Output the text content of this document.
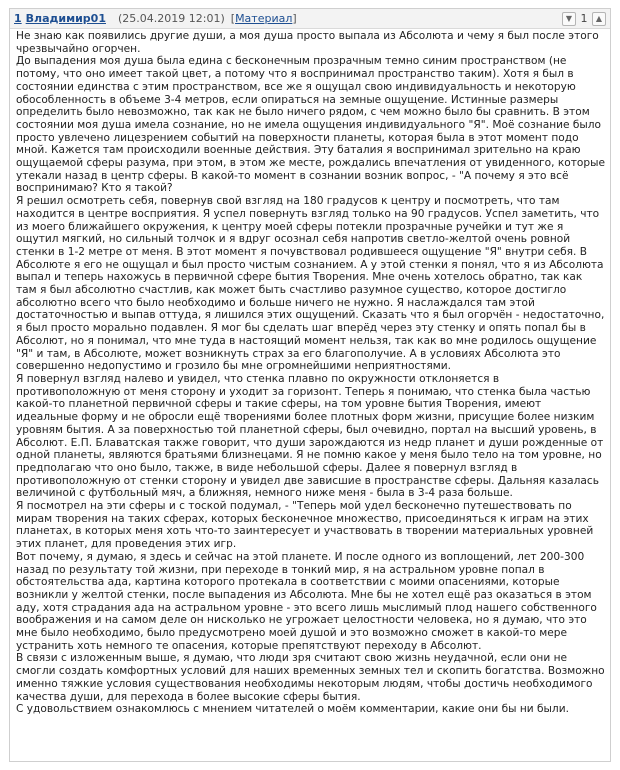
1 Владимир01 (25.04.2019 12:01) [ Материал ]	▼ 1	▲

Не знаю как появились другие души, а моя душа просто выпала из Абсолюта и чему я был после этого чрезвычайно огорчен.

До выпадения моя душа была едина с бесконечным прозрачным темно синим пространством (не потому, что оно имеет такой цвет, а потому что я воспринимал пространство таким). Хотя я был в состоянии единства с этим пространством, все же я ощущал свою индивидуальность и некоторую обособленность в объеме 3-4 метров, если опираться на земные ощущение. Истинные размеры определить было невозможно, так как не было ничего рядом, с чем можно было бы сравнить. В этом состоянии моя душа имела сознание, но не имела ощущения индивидуального "Я". Моё сознание было просто увлечено лицезрением событий на поверхности планеты, которая была в этот момент подо мной. Кажется там происходили военные действия. Эту баталия я воспринимал зрительно на краю ощущаемой сферы разума, при этом, в этом же месте, рождались впечатления от увиденного, которые утекали назад в центр сферы. В какой-то момент в сознании возник вопрос, - "А почему я это всё воспринимаю? Кто я такой?

Я решил осмотреть себя, повернув свой взгляд на 180 градусов к центру и посмотреть, что там находится в центре восприятия. Я успел повернуть взгляд только на 90 градусов. Успел заметить, что из моего ближайшего окружения, к центру моей сферы потекли прозрачные ручейки и тут же я ощутил мягкий, но сильный толчок и я вдруг осознал себя напротив светло-желтой очень ровной стенки в 1-2 метре от меня. В этот момент я почувствовал родившееся ощущение "Я" внутри себя. В Абсолюте я его не ощущал и был просто чистым сознанием. А у этой стенки я понял, что я из Абсолюта выпал и теперь нахожусь в первичной сфере бытия Творения. Мне очень хотелось обратно, так как там я был абсолютно счастлив, как может быть счастливо разумное существо, которое достигло абсолютно всего что было необходимо и больше ничего не нужно. Я наслаждался там этой достаточностью и выпав оттуда, я лишился этих ощущений. Сказать что я был огорчён - недостаточно, я был просто морально подавлен. Я мог бы сделать шаг вперёд через эту стенку и опять попал бы в Абсолют, но я понимал, что мне туда в настоящий момент нельзя, так как во мне родилось ощущение "Я" и там, в Абсолюте, может возникнуть страх за его благополучие. А в условиях Абсолюта это совершенно недопустимо и грозило бы мне огромнейшими неприятностями.

Я повернул взгляд налево и увидел, что стенка плавно по окружности отклоняется в противоположную от меня сторону и уходит за горизонт. Теперь я понимаю, что стенка была частью какой-то планетной первичной сферы и такие сферы, на том уровне бытия Творения, имеют идеальные форму и не обросли ещё творениями более плотных форм жизни, присущие более низким уровням бытия. А за поверхностью той планетной сферы, был очевидно, портал на высший уровень, в Абсолют. Е.П. Блаватская также говорит, что души зарождаются из недр планет и души рожденные от одной планеты, являются братьями близнецами. Я не помню какое у меня было тело на том уровне, но предполагаю что оно было, также, в виде небольшой сферы. Далее я повернул взгляд в противоположную от стенки сторону и увидел две зависшие в пространстве сферы. Дальняя казалась величиной с футбольный мяч, а ближняя, немного ниже меня - была в 3-4 раза больше.

Я посмотрел на эти сферы и с тоской подумал, - "Теперь мой удел бесконечно путешествовать по мирам творения на таких сферах, которых бесконечное множество, присоединяться к играм на этих планетах, в которых меня хоть что-то заинтересует и участвовать в творении материальных уровней этих планет, для проведения этих игр.

Вот почему, я думаю, я здесь и сейчас на этой планете. И после одного из воплощений, лет 200-300 назад по результату той жизни, при переходе в тонкий мир, я на астральном уровне попал в обстоятельства ада, картина которого протекала в соответствии с моими опасениями, которые возникли у желтой стенки, после выпадения из Абсолюта. Мне бы не хотел ещё раз оказаться в этом аду, хотя страдания ада на астральном уровне - это всего лишь мыслимый плод нашего собственного воображения и на самом деле он нисколько не угрожает целостности человека, но я думаю, что это мне было необходимо, было предусмотрено моей душой и это возможно сможет в какой-то мере устранить хоть немного те опасения, которые препятствуют переходу в Абсолют.

В связи с изложенным выше, я думаю, что люди зря считают свою жизнь неудачной, если они не смогли создать комфортных условий для наших временных земных тел и скопить богатства. Возможно именно тяжкие условия существования необходимы некоторым людям, чтобы достичь необходимого качества души, для перехода в более высокие сферы бытия.

С удовольствием ознакомлюсь с мнением читателей о моём комментарии, какие они бы ни были.
